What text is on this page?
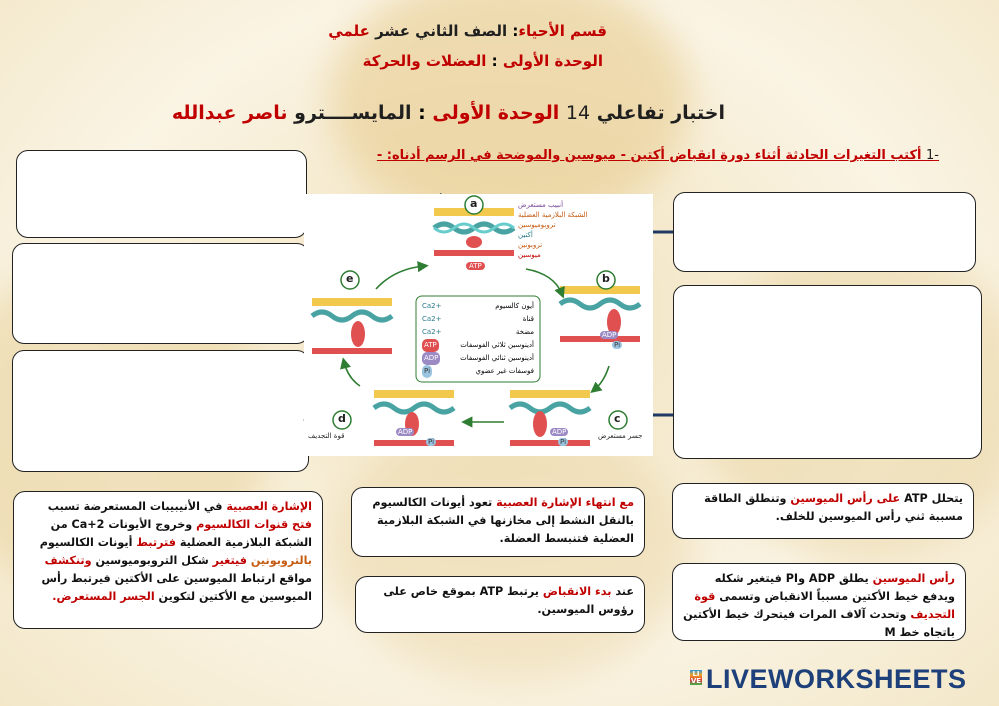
قسم الأحياء: الصف الثاني عشر علمي
الوحدة الأولى : العضلات والحركة
اختبار تفاعلي 14 الوحدة الأولى : المايســــترو ناصر عبدالله
-1 أكتب التغيرات الحادثة أثناء دورة انقباض أكتين - ميوسين والموضحة في الرسم أدناه: -
a
b
c
d
e
أنبيب مستعرض
الشبكة البلازمية العضلية
تروبوميوسين
أكتين
تروبونين
ميوسين
ATP
ADP
Pi
ADP
Pi
ADP
Pi
جسر مستعرض
قوة التجديف
Ca2+	أيون كالسيوم
Ca2+	قناة
Ca2+	مضخة
ATP	أدينوسين ثلاثي الفوسفات
ADP	أدينوسين ثنائي الفوسفات
Pi	فوسفات غير عضوي
الإشارة العصبية في الأنيبيبات المستعرضة تسبب فتح قنوات الكالسيوم وخروج الأيونات Ca+2 من الشبكة البلازمية العضلية فترتبط أيونات الكالسيوم بالتروبونين فيتغير شكل التروبوميوسين وتنكشف مواقع ارتباط الميوسين على الأكتين فيرتبط رأس الميوسين مع الأكتين لتكوين الجسر المستعرض.
مع انتهاء الإشارة العصبية تعود أيونات الكالسيوم بالنقل النشط إلى مخازنها في الشبكة البلازمية العضلية فتنبسط العضلة.
عند بدء الانقباض يرتبط ATP بموقع خاص على رؤوس الميوسين.
يتحلل ATP على رأس الميوسين وتنطلق الطاقة مسببة ثني رأس الميوسين للخلف.
رأس الميوسين يطلق ADP وPI فيتغير شكله ويدفع خيط الأكتين مسبباً الانقباض وتسمى قوة التجديف وتحدث آلاف المرات فيتحرك خيط الأكتين باتجاه خط M
LIVE LIVEWORKSHEETS
